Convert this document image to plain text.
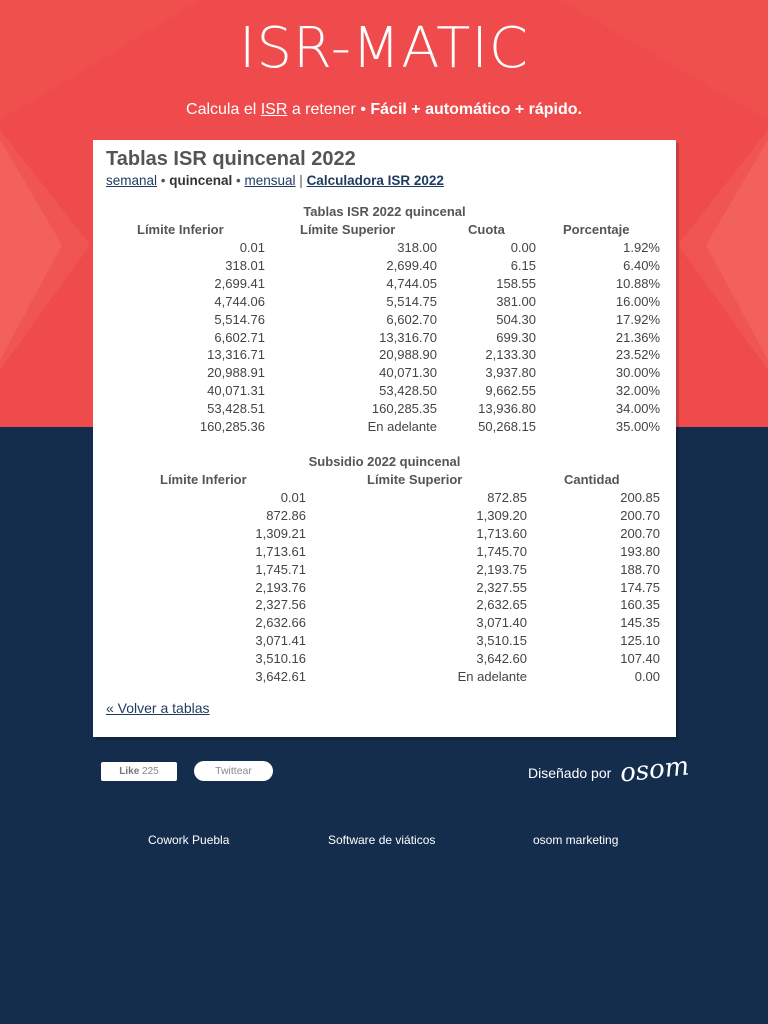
ISR-MATIC
Calcula el ISR a retener • Fácil + automático + rápido.
Tablas ISR quincenal 2022
semanal • quincenal • mensual | Calculadora ISR 2022
Tablas ISR 2022 quincenal
Límite Inferior	Límite Superior	Cuota	Porcentaje
0.01	318.00	0.00	1.92%
318.01	2,699.40	6.15	6.40%
2,699.41	4,744.05	158.55	10.88%
4,744.06	5,514.75	381.00	16.00%
5,514.76	6,602.70	504.30	17.92%
6,602.71	13,316.70	699.30	21.36%
13,316.71	20,988.90	2,133.30	23.52%
20,988.91	40,071.30	3,937.80	30.00%
40,071.31	53,428.50	9,662.55	32.00%
53,428.51	160,285.35	13,936.80	34.00%
160,285.36	En adelante	50,268.15	35.00%
Subsidio 2022 quincenal
Límite Inferior	Límite Superior	Cantidad
0.01	872.85	200.85
872.86	1,309.20	200.70
1,309.21	1,713.60	200.70
1,713.61	1,745.70	193.80
1,745.71	2,193.75	188.70
2,193.76	2,327.55	174.75
2,327.56	2,632.65	160.35
2,632.66	3,071.40	145.35
3,071.41	3,510.15	125.10
3,510.16	3,642.60	107.40
3,642.61	En adelante	0.00
« Volver a tablas
Like 225	Twittear	Diseñado por osom
Cowork Puebla	Software de viáticos	osom marketing
